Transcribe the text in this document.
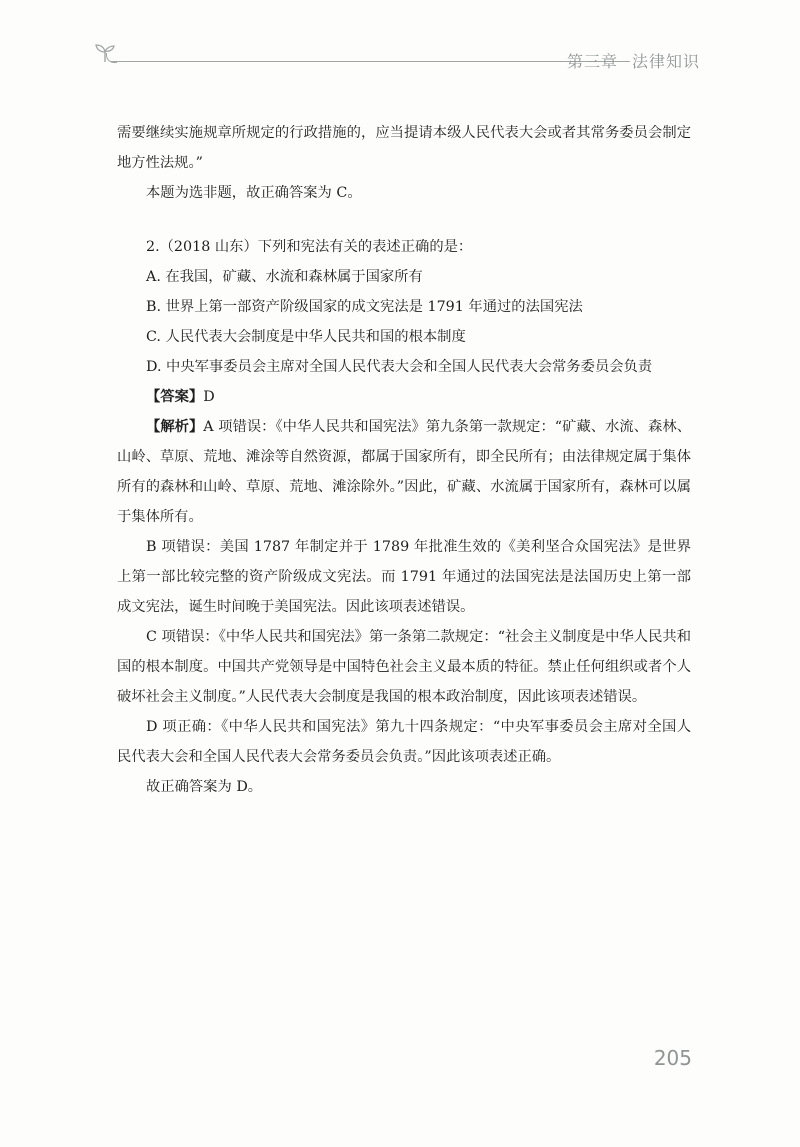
第三章 法律知识

需要继续实施规章所规定的行政措施的，应当提请本级人民代表大会或者其常务委员会制定地方性法规。”

本题为选非题，故正确答案为 C。

2.（2018 山东）下列和宪法有关的表述正确的是：

A. 在我国，矿藏、水流和森林属于国家所有

B. 世界上第一部资产阶级国家的成文宪法是 1791 年通过的法国宪法

C. 人民代表大会制度是中华人民共和国的根本制度

D. 中央军事委员会主席对全国人民代表大会和全国人民代表大会常务委员会负责

【答案】D

【解析】A 项错误：《中华人民共和国宪法》第九条第一款规定：“矿藏、水流、森林、山岭、草原、荒地、滩涂等自然资源，都属于国家所有，即全民所有；由法律规定属于集体所有的森林和山岭、草原、荒地、滩涂除外。”因此，矿藏、水流属于国家所有，森林可以属于集体所有。

B 项错误：美国 1787 年制定并于 1789 年批准生效的《美利坚合众国宪法》是世界上第一部比较完整的资产阶级成文宪法。而 1791 年通过的法国宪法是法国历史上第一部成文宪法，诞生时间晚于美国宪法。因此该项表述错误。

C 项错误：《中华人民共和国宪法》第一条第二款规定：“社会主义制度是中华人民共和国的根本制度。中国共产党领导是中国特色社会主义最本质的特征。禁止任何组织或者个人破坏社会主义制度。”人民代表大会制度是我国的根本政治制度，因此该项表述错误。

D 项正确：《中华人民共和国宪法》第九十四条规定：“中央军事委员会主席对全国人民代表大会和全国人民代表大会常务委员会负责。”因此该项表述正确。

故正确答案为 D。

205
